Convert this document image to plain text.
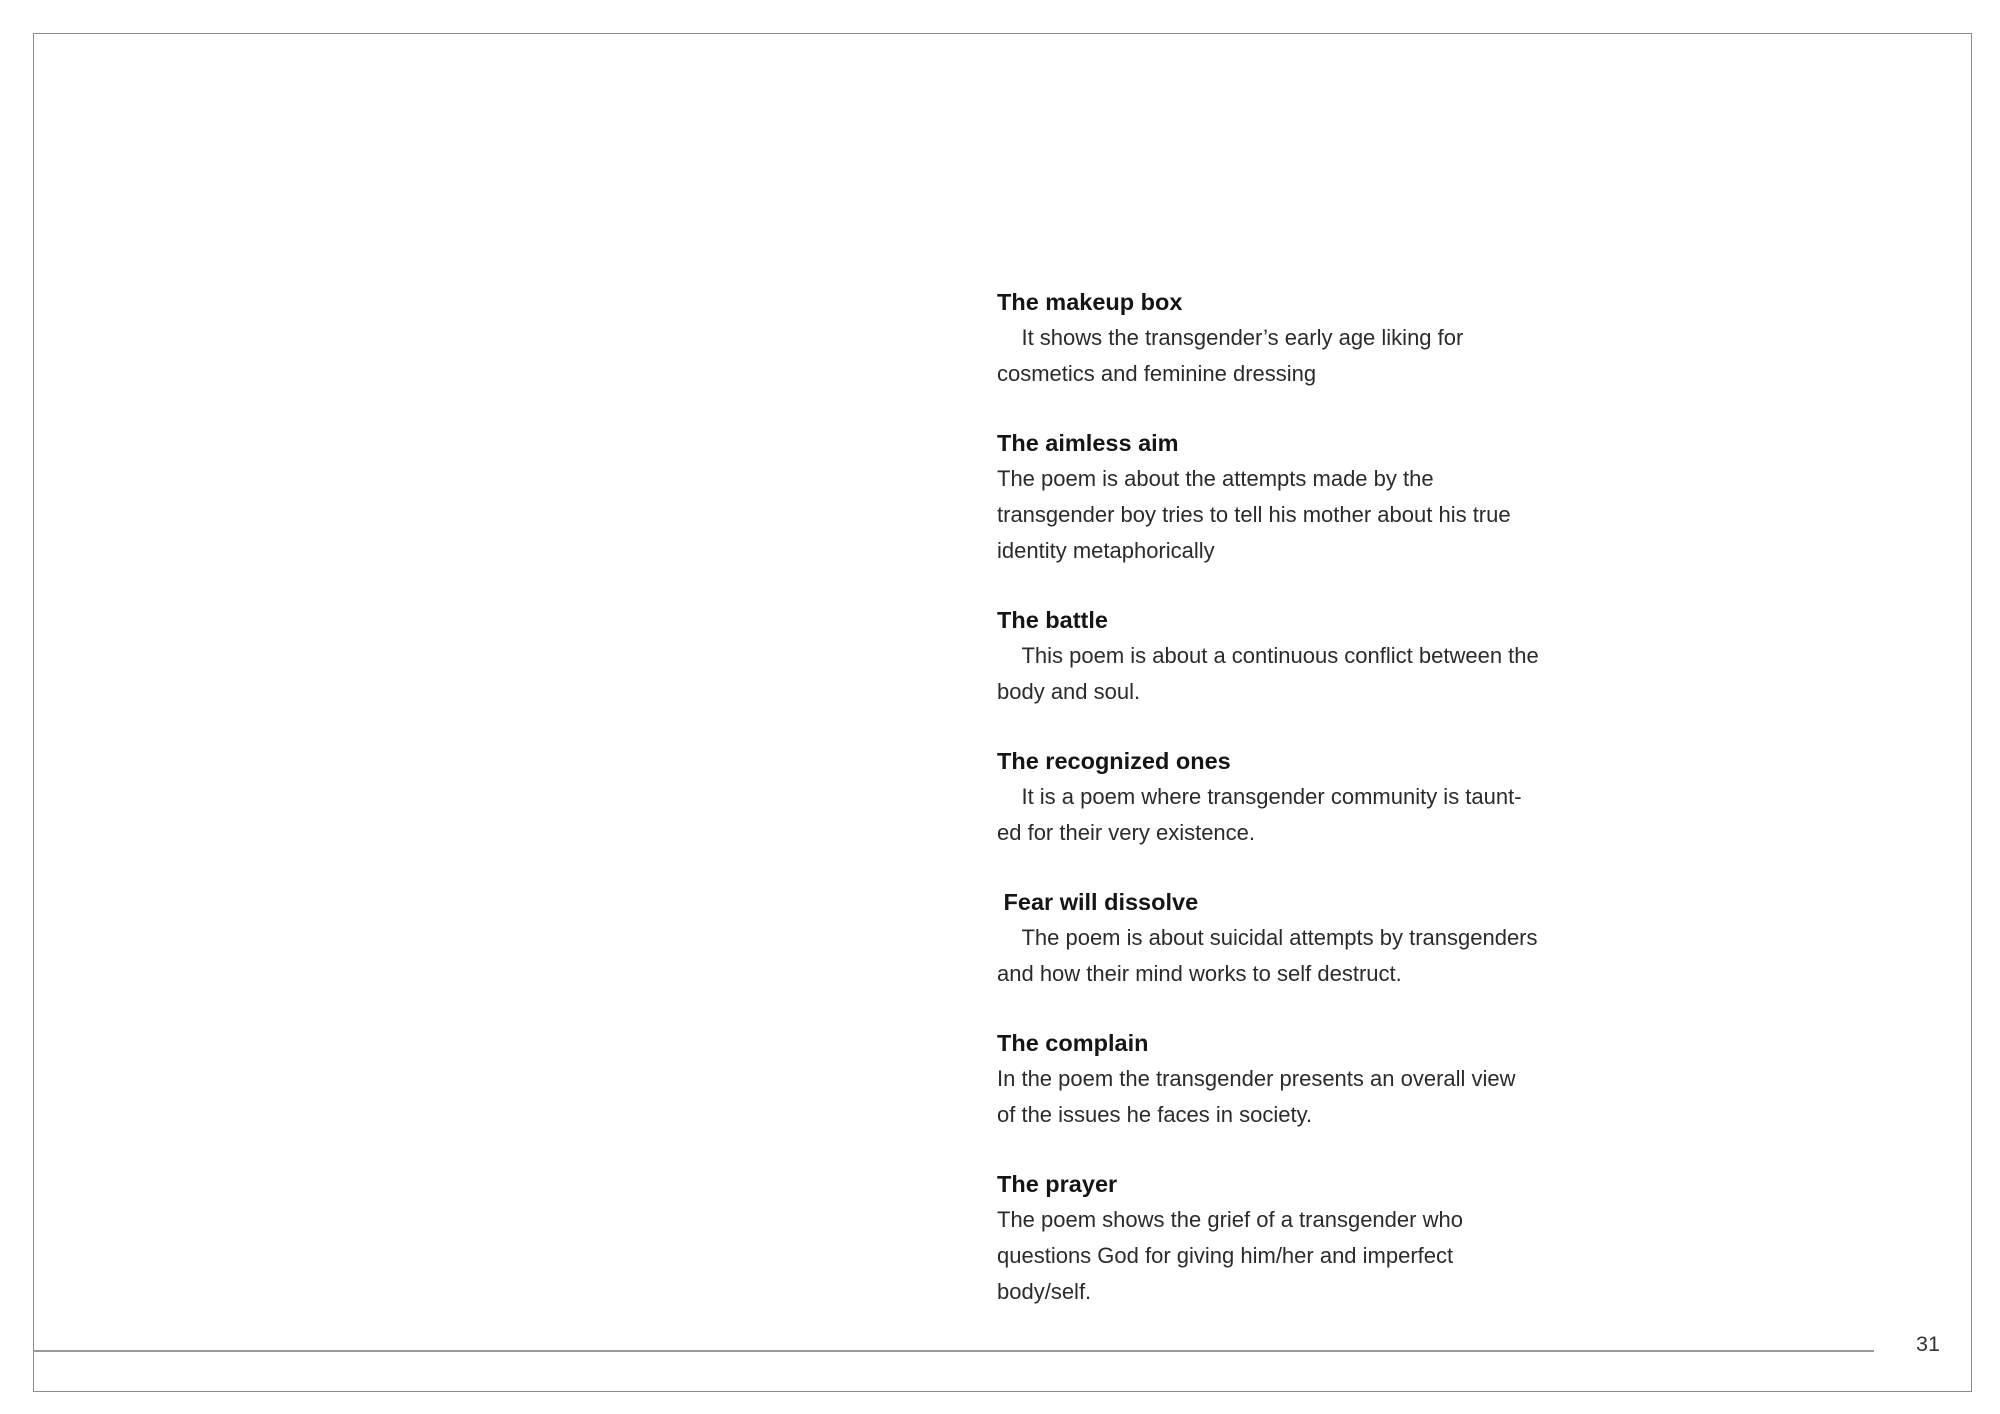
The makeup box
It shows the transgender’s early age liking for
cosmetics and feminine dressing
The aimless aim
The poem is about the attempts made by the
transgender boy tries to tell his mother about his true
identity metaphorically
The battle
This poem is about a continuous conflict between the
body and soul.
The recognized ones
It is a poem where transgender community is taunt-
ed for their very existence.
Fear will dissolve
The poem is about suicidal attempts by transgenders
and how their mind works to self destruct.
The complain
In the poem the transgender presents an overall view
of the issues he faces in society.
The prayer
The poem shows the grief of a transgender who
questions God for giving him/her and imperfect
body/self.
31
